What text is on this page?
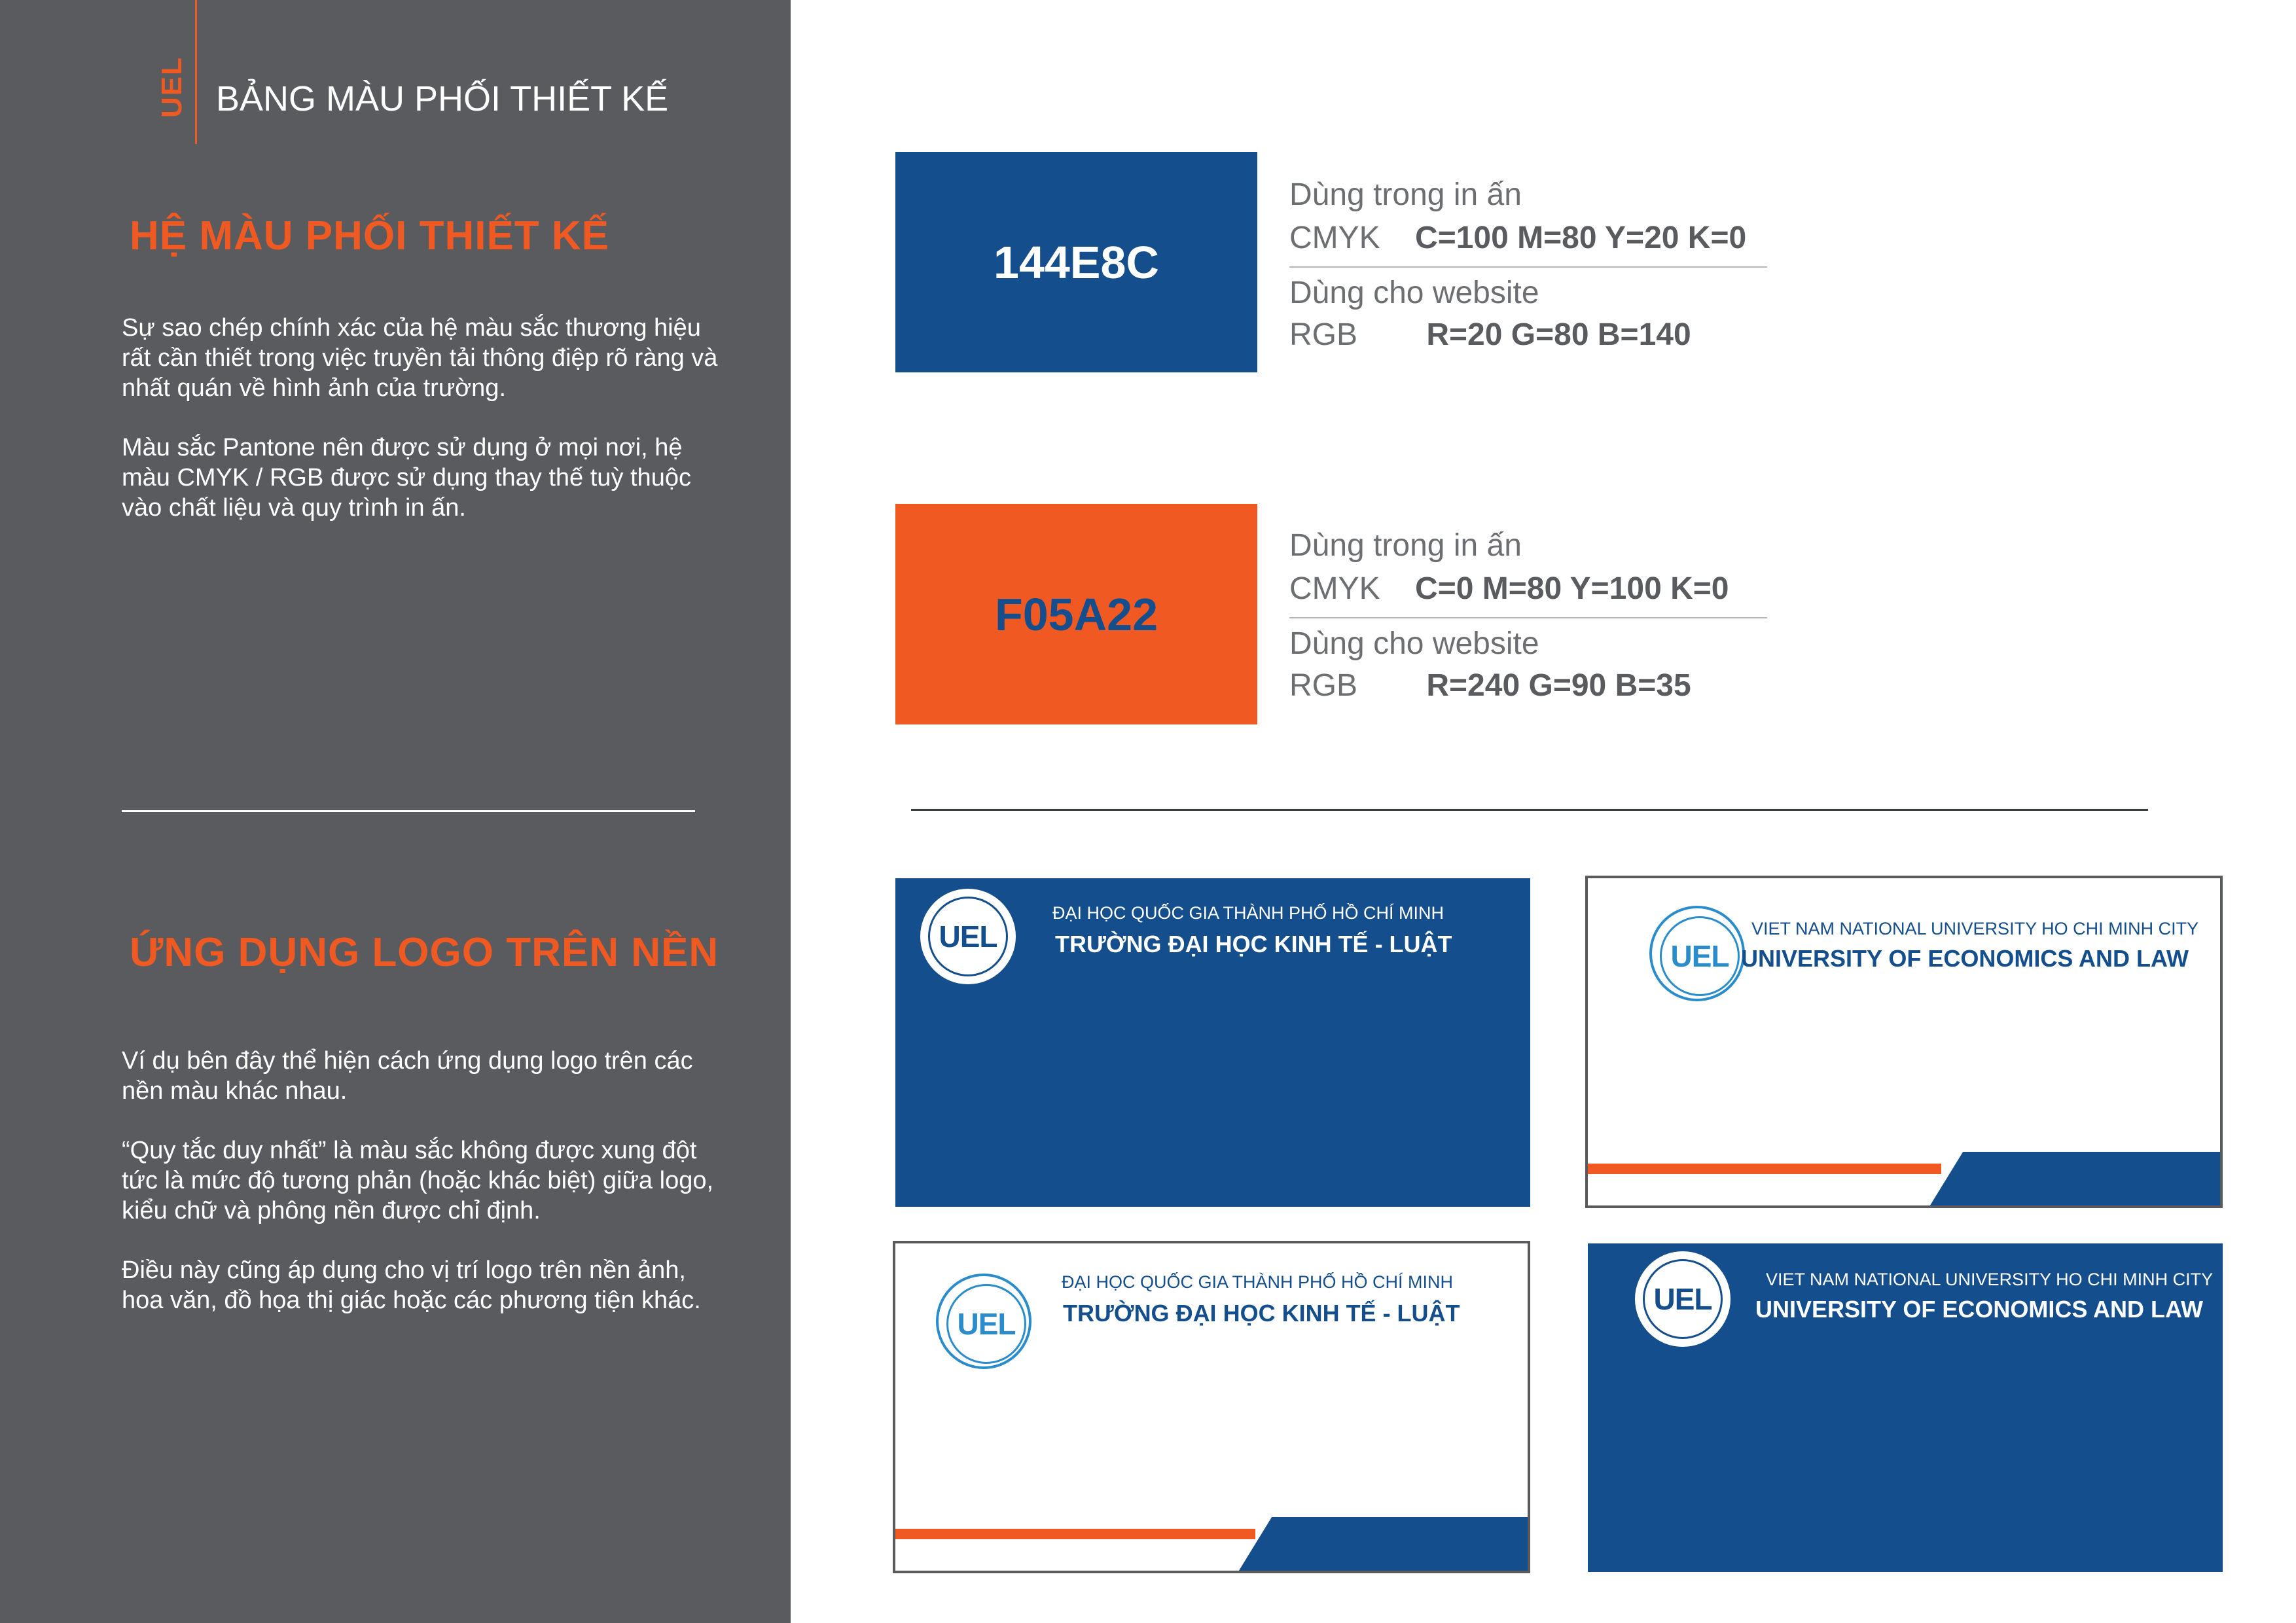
UEL BẢNG MÀU PHỐI THIẾT KẾ
HỆ MÀU PHỐI THIẾT KẾ

Sự sao chép chính xác của hệ màu sắc thương hiệu rất cần thiết trong việc truyền tải thông điệp rõ ràng và nhất quán về hình ảnh của trường.

Màu sắc Pantone nên được sử dụng ở mọi nơi, hệ màu CMYK / RGB được sử dụng thay thế tuỳ thuộc vào chất liệu và quy trình in ấn.

ỨNG DỤNG LOGO TRÊN NỀN

Ví dụ bên đây thể hiện cách ứng dụng logo trên các nền màu khác nhau.

“Quy tắc duy nhất” là màu sắc không được xung đột tức là mức độ tương phản (hoặc khác biệt) giữa logo, kiểu chữ và phông nền được chỉ định.

Điều này cũng áp dụng cho vị trí logo trên nền ảnh, hoa văn, đồ họa thị giác hoặc các phương tiện khác.

144E8C
Dùng trong in ấn
CMYK C=100 M=80 Y=20 K=0
Dùng cho website
RGB R=20 G=80 B=140
F05A22
Dùng trong in ấn
CMYK C=0 M=80 Y=100 K=0
Dùng cho website
RGB R=240 G=90 B=35
UEL
ĐẠI HỌC QUỐC GIA THÀNH PHỐ HỒ CHÍ MINH
TRƯỜNG ĐẠI HỌC KINH TẾ - LUẬT	UEL
VIET NAM NATIONAL UNIVERSITY HO CHI MINH CITY
UNIVERSITY OF ECONOMICS AND LAW
UEL
ĐẠI HỌC QUỐC GIA THÀNH PHỐ HỒ CHÍ MINH
TRƯỜNG ĐẠI HỌC KINH TẾ - LUẬT	UEL
VIET NAM NATIONAL UNIVERSITY HO CHI MINH CITY
UNIVERSITY OF ECONOMICS AND LAW
